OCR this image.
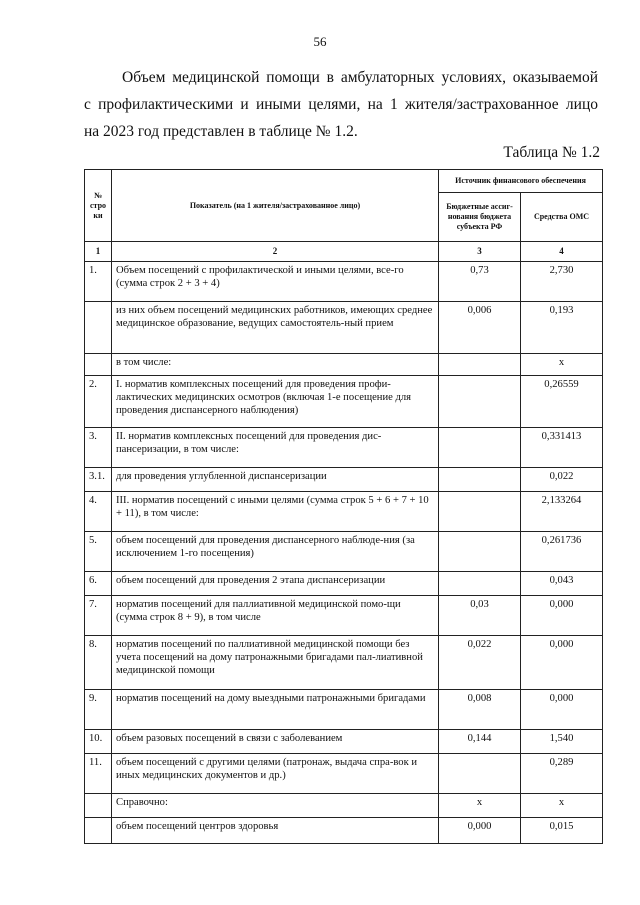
56

Объем медицинской помощи в амбулаторных условиях, оказываемой

с профилактическими и иными целями, на 1 жителя/застрахованное лицо

на 2023 год представлен в таблице № 1.2.

Таблица № 1.2
№ стро ки	Показатель (на 1 жителя/застрахованное лицо)	Источник финансового обеспечения	
		Бюджетные ассиг-нования бюджета субъекта РФ	Средства ОМС
1	2	3	4
1.	Объем посещений с профилактической и иными целями, все-го (сумма строк 2 + 3 + 4)	0,73	2,730
	из них объем посещений медицинских работников, имеющих среднее медицинское образование, ведущих самостоятель-ный прием	0,006	0,193
	в том числе:		х
2.	I. норматив комплексных посещений для проведения профи-лактических медицинских осмотров (включая 1-е посещение для проведения диспансерного наблюдения)		0,26559
3.	II. норматив комплексных посещений для проведения дис-пансеризации, в том числе:		0,331413
3.1.	для проведения углубленной диспансеризации		0,022
4.	III. норматив посещений с иными целями (сумма строк 5 + 6 + 7 + 10 + 11), в том числе:		2,133264
5.	объем посещений для проведения диспансерного наблюде-ния (за исключением 1-го посещения)		0,261736
6.	объем посещений для проведения 2 этапа диспансеризации		0,043
7.	норматив посещений для паллиативной медицинской помо-щи (сумма строк 8 + 9), в том числе	0,03	0,000
8.	норматив посещений по паллиативной медицинской помощи без учета посещений на дому патронажными бригадами пал-лиативной медицинской помощи	0,022	0,000
9.	норматив посещений на дому выездными патронажными бригадами	0,008	0,000
10.	объем разовых посещений в связи с заболеванием	0,144	1,540
11.	объем посещений с другими целями (патронаж, выдача спра-вок и иных медицинских документов и др.)		0,289
	Справочно:	х	х
	объем посещений центров здоровья	0,000	0,015
